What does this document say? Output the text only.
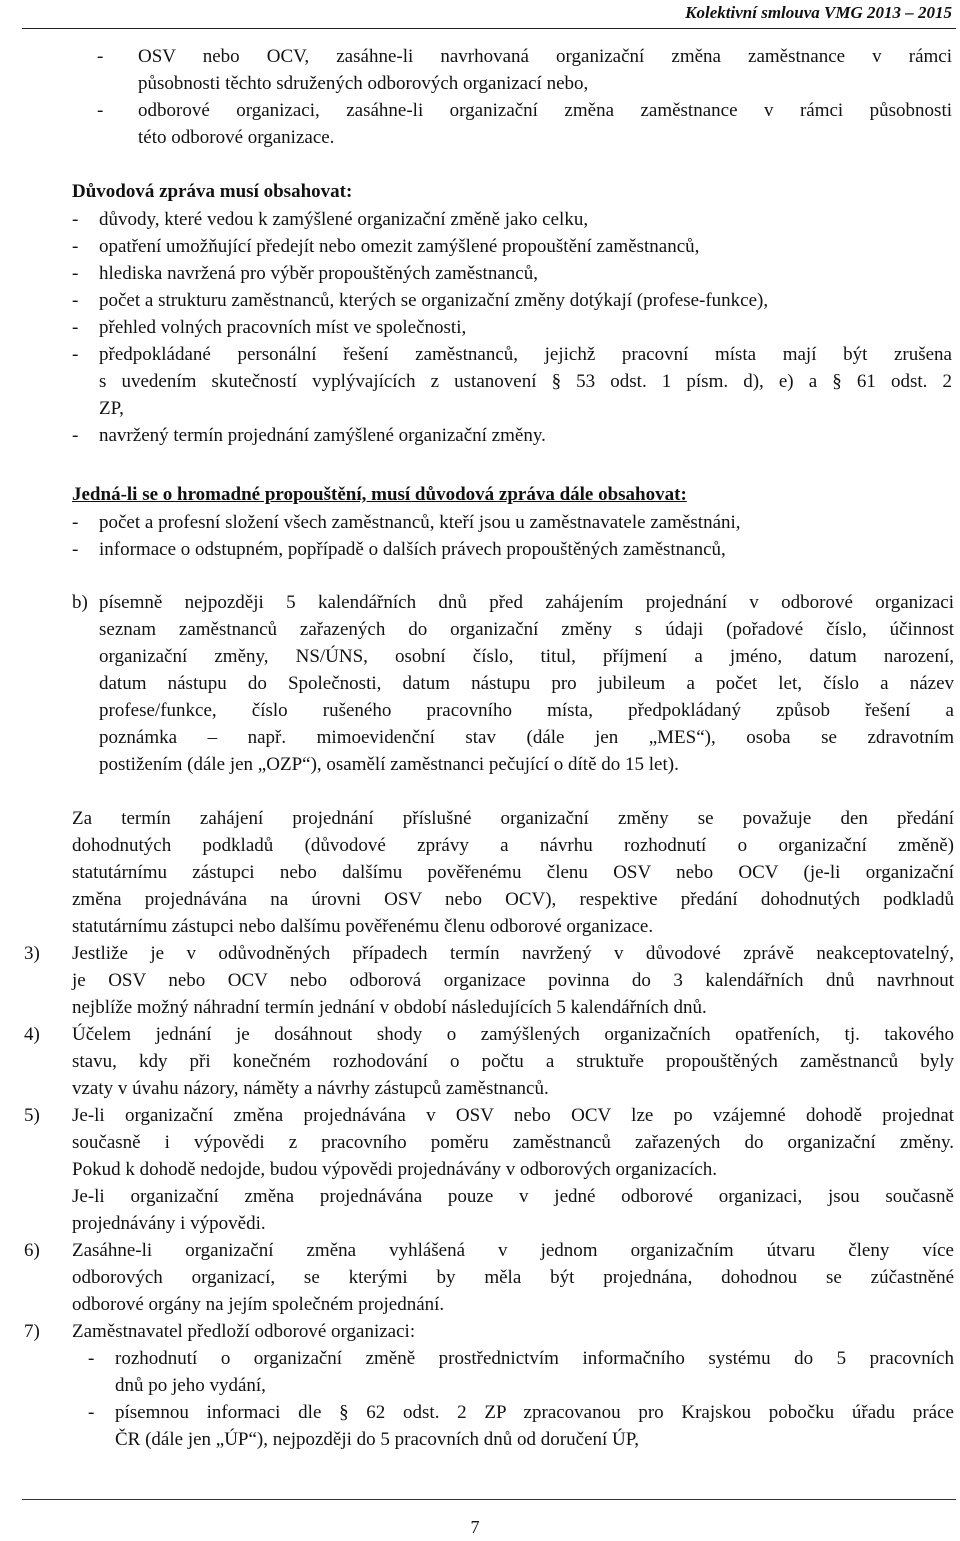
Kolektivní smlouva VMG 2013 – 2015
- OSV nebo OCV, zasáhne-li navrhovaná organizační změna zaměstnance v rámci
působnosti těchto sdružených odborových organizací nebo,
- odborové organizaci, zasáhne-li organizační změna zaměstnance v rámci působnosti
této odborové organizace.
Důvodová zpráva musí obsahovat:
- důvody, které vedou k zamýšlené organizační změně jako celku,
- opatření umožňující předejít nebo omezit zamýšlené propouštění zaměstnanců,
- hlediska navržená pro výběr propouštěných zaměstnanců,
- počet a strukturu zaměstnanců, kterých se organizační změny dotýkají (profese-funkce),
- přehled volných pracovních míst ve společnosti,
- předpokládané personální řešení zaměstnanců, jejichž pracovní místa mají být zrušena
s uvedením skutečností vyplývajících z ustanovení § 53 odst. 1 písm. d), e) a § 61 odst. 2
ZP,
- navržený termín projednání zamýšlené organizační změny.
Jedná-li se o hromadné propouštění, musí důvodová zpráva dále obsahovat:
- počet a profesní složení všech zaměstnanců, kteří jsou u zaměstnavatele zaměstnáni,
- informace o odstupném, popřípadě o dalších právech propouštěných zaměstnanců,
b) písemně nejpozději 5 kalendářních dnů před zahájením projednání v odborové organizaci
seznam zaměstnanců zařazených do organizační změny s údaji (pořadové číslo, účinnost
organizační změny, NS/ÚNS, osobní číslo, titul, příjmení a jméno, datum narození,
datum nástupu do Společnosti, datum nástupu pro jubileum a počet let, číslo a název
profese/funkce, číslo rušeného pracovního místa, předpokládaný způsob řešení a
poznámka – např. mimoevidenční stav (dále jen „MES“), osoba se zdravotním
postižením (dále jen „OZP“), osamělí zaměstnanci pečující o dítě do 15 let).
Za termín zahájení projednání příslušné organizační změny se považuje den předání
dohodnutých podkladů (důvodové zprávy a návrhu rozhodnutí o organizační změně)
statutárnímu zástupci nebo dalšímu pověřenému členu OSV nebo OCV (je-li organizační
změna projednávána na úrovni OSV nebo OCV), respektive předání dohodnutých podkladů
statutárnímu zástupci nebo dalšímu pověřenému členu odborové organizace.
3) Jestliže je v odůvodněných případech termín navržený v důvodové zprávě neakceptovatelný,
je OSV nebo OCV nebo odborová organizace povinna do 3 kalendářních dnů navrhnout
nejblíže možný náhradní termín jednání v období následujících 5 kalendářních dnů.
4) Účelem jednání je dosáhnout shody o zamýšlených organizačních opatřeních, tj. takového
stavu, kdy při konečném rozhodování o počtu a struktuře propouštěných zaměstnanců byly
vzaty v úvahu názory, náměty a návrhy zástupců zaměstnanců.
5) Je-li organizační změna projednávána v OSV nebo OCV lze po vzájemné dohodě projednat
současně i výpovědi z pracovního poměru zaměstnanců zařazených do organizační změny.
Pokud k dohodě nedojde, budou výpovědi projednávány v odborových organizacích.
Je-li organizační změna projednávána pouze v jedné odborové organizaci, jsou současně
projednávány i výpovědi.
6) Zasáhne-li organizační změna vyhlášená v jednom organizačním útvaru členy více
odborových organizací, se kterými by měla být projednána, dohodnou se zúčastněné
odborové orgány na jejím společném projednání.
7) Zaměstnavatel předloží odborové organizaci:
- rozhodnutí o organizační změně prostřednictvím informačního systému do 5 pracovních
dnů po jeho vydání,
- písemnou informaci dle § 62 odst. 2 ZP zpracovanou pro Krajskou pobočku úřadu práce
ČR (dále jen „ÚP“), nejpozději do 5 pracovních dnů od doručení ÚP,
7
